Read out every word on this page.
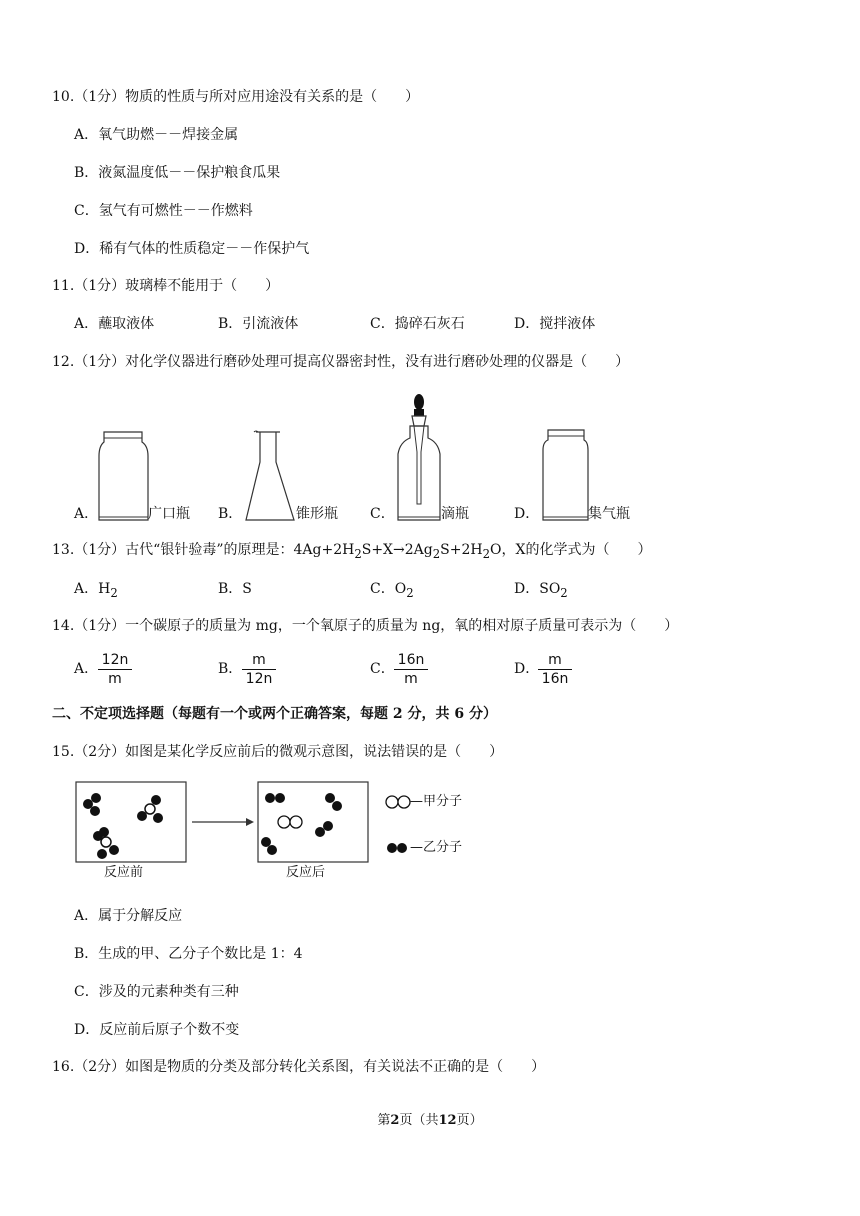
10.（1分）物质的性质与所对应用途没有关系的是（　　）
A．氧气助燃－－焊接金属
B．液氮温度低－－保护粮食瓜果
C．氢气有可燃性－－作燃料
D．稀有气体的性质稳定－－作保护气
11.（1分）玻璃棒不能用于（　　）
A．蘸取液体	B．引流液体	C．捣碎石灰石	D．搅拌液体
12.（1分）对化学仪器进行磨砂处理可提高仪器密封性，没有进行磨砂处理的仪器是（　　）
A．	广口瓶 B．	锥形瓶 C．	滴瓶	D．	集气瓶
13.（1分）古代“银针验毒”的原理是：$4Ag+2H_2S+X\to 2Ag_2S+2H_2O$，X的化学式为（　　）
A．$H_2$	B．S	C．$O_2$	D．$SO_2$
14.（1分）一个碳原子的质量为 mg，一个氧原子的质量为 ng，氧的相对原子质量可表示为（　　）
A．
12n
m
B．
m
12n
C．
16n
m
D．
m
16n
二、不定项选择题（每题有一个或两个正确答案，每题 2 分，共 6 分）
15.（2分）如图是某化学反应前后的微观示意图，说法错误的是（　　）
反应前	反应后
—甲分子
—乙分子
A．属于分解反应
B．生成的甲、乙分子个数比是 1：4
C．涉及的元素种类有三种
D．反应前后原子个数不变
16.（2分）如图是物质的分类及部分转化关系图，有关说法不正确的是（　　）
第2页（共12页）
